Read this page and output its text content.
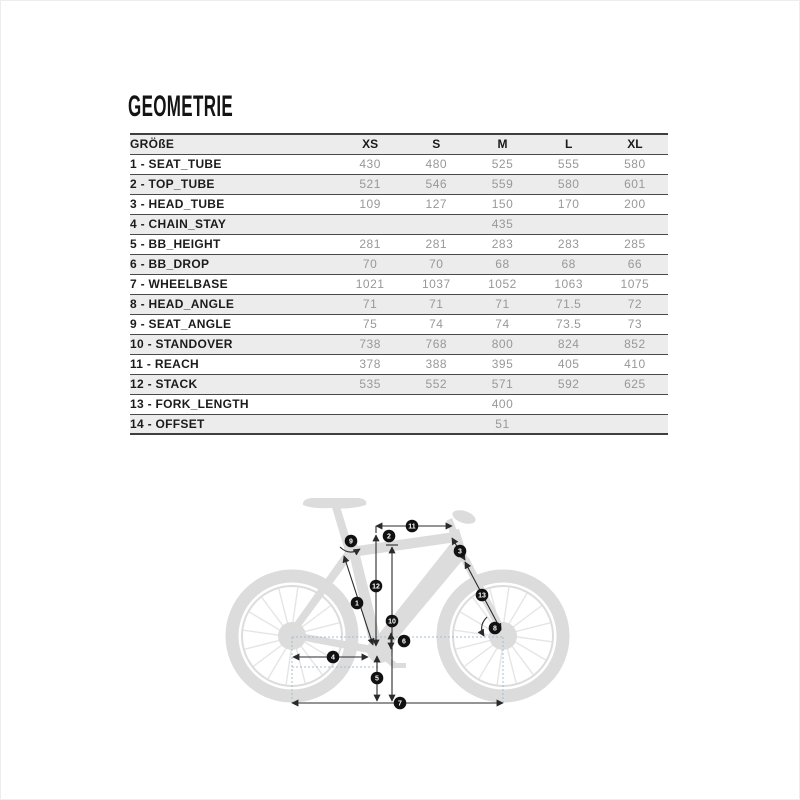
GEOMETRIE
GRÖßE	XS	S	M	L	XL
1 - SEAT_TUBE	430	480	525	555	580
2 - TOP_TUBE	521	546	559	580	601
3 - HEAD_TUBE	109	127	150	170	200
4 - CHAIN_STAY			435		
5 - BB_HEIGHT	281	281	283	283	285
6 - BB_DROP	70	70	68	68	66
7 - WHEELBASE	1021	1037	1052	1063	1075
8 - HEAD_ANGLE	71	71	71	71.5	72
9 - SEAT_ANGLE	75	74	74	73.5	73
10 - STANDOVER	738	768	800	824	852
11 - REACH	378	388	395	405	410
12 - STACK	535	552	571	592	625
13 - FORK_LENGTH			400		
14 - OFFSET			51		
1
2
3
4
5
6
7
8
9
10
11
12
13
